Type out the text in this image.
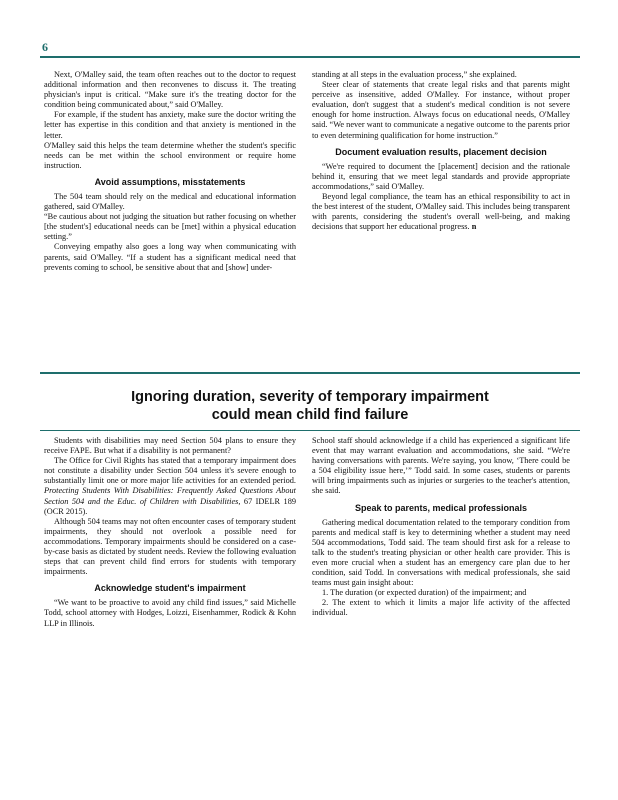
6

Next, O'Malley said, the team often reaches out to the doctor to request additional information and then reconvenes to discuss it. The treating physician's input is critical. “Make sure it's the treating doctor for the condition being communicated about,” said O'Malley.

For example, if the student has anxiety, make sure the doctor writing the letter has expertise in this condition and that anxiety is mentioned in the letter.

O'Malley said this helps the team determine whether the student's specific needs can be met within the school environment or require home instruction.

Avoid assumptions, misstatements

The 504 team should rely on the medical and educational information gathered, said O'Malley.

“Be cautious about not judging the situation but rather focusing on whether [the student's] educational needs can be [met] within a physical education setting.”

Conveying empathy also goes a long way when communicating with parents, said O'Malley. “If a student has a significant medical need that prevents coming to school, be sensitive about that and [show] under-

standing at all steps in the evaluation process,” she explained.

Steer clear of statements that create legal risks and that parents might perceive as insensitive, added O'Malley. For instance, without proper evaluation, don't suggest that a student's medical condition is not severe enough for home instruction. Always focus on educational needs, O'Malley said. “We never want to communicate a negative outcome to the parents prior to even determining qualification for home instruction.”

Document evaluation results, placement decision

“We're required to document the [placement] decision and the rationale behind it, ensuring that we meet legal standards and provide appropriate accommodations,” said O'Malley.

Beyond legal compliance, the team has an ethical responsibility to act in the best interest of the student, O'Malley said. This includes being transparent with parents, considering the student's overall well-being, and making decisions that support her educational progress. n

Ignoring duration, severity of temporary impairment
could mean child find failure

Students with disabilities may need Section 504 plans to ensure they receive FAPE. But what if a disability is not permanent?

The Office for Civil Rights has stated that a temporary impairment does not constitute a disability under Section 504 unless it's severe enough to substantially limit one or more major life activities for an extended period. Protecting Students With Disabilities: Frequently Asked Questions About Section 504 and the Educ. of Children with Disabilities, 67 IDELR 189 (OCR 2015).

Although 504 teams may not often encounter cases of temporary student impairments, they should not overlook a possible need for accommodations. Temporary impairments should be considered on a case-by-case basis as dictated by student needs. Review the following evaluation steps that can prevent child find errors for students with temporary impairments.

Acknowledge student's impairment

“We want to be proactive to avoid any child find issues,” said Michelle Todd, school attorney with Hodges, Loizzi, Eisenhammer, Rodick & Kohn LLP in Illinois.

School staff should acknowledge if a child has experienced a significant life event that may warrant evaluation and accommodations, she said. “We're having conversations with parents. We're saying, you know, ‘There could be a 504 eligibility issue here,’” Todd said. In some cases, students or parents will bring impairments such as injuries or surgeries to the teacher's attention, she said.

Speak to parents, medical professionals

Gathering medical documentation related to the temporary condition from parents and medical staff is key to determining whether a student may need 504 accommodations, Todd said. The team should first ask for a release to talk to the student's treating physician or other health care provider. This is even more crucial when a student has an emergency care plan due to her condition, said Todd. In conversations with medical professionals, she said teams must gain insight about:

1. The duration (or expected duration) of the impairment; and

2. The extent to which it limits a major life activity of the affected individual.
